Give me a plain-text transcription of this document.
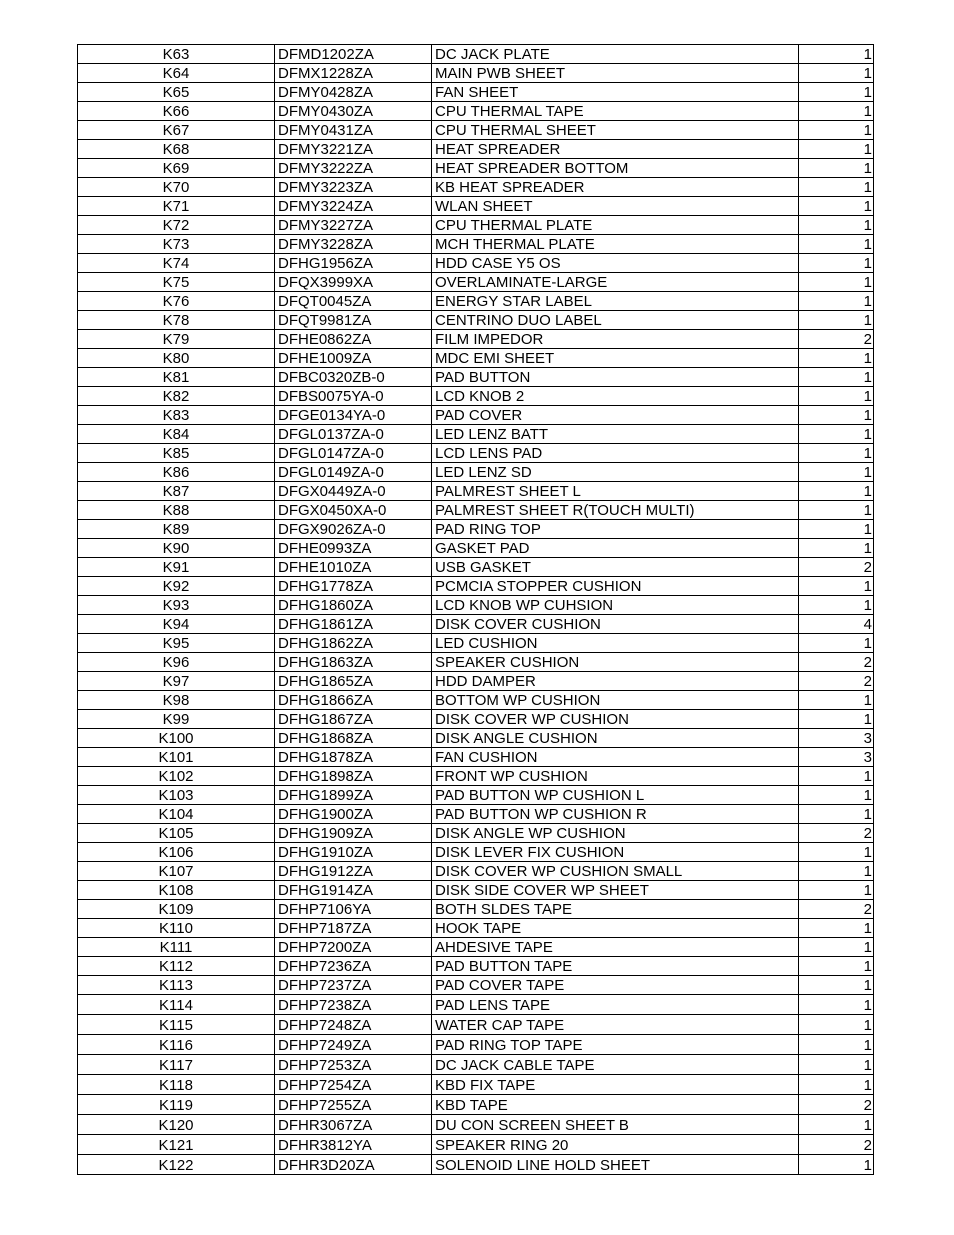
K63	DFMD1202ZA	DC JACK PLATE	1
K64	DFMX1228ZA	MAIN PWB SHEET	1
K65	DFMY0428ZA	FAN SHEET	1
K66	DFMY0430ZA	CPU THERMAL TAPE	1
K67	DFMY0431ZA	CPU THERMAL SHEET	1
K68	DFMY3221ZA	HEAT SPREADER	1
K69	DFMY3222ZA	HEAT SPREADER BOTTOM	1
K70	DFMY3223ZA	KB HEAT SPREADER	1
K71	DFMY3224ZA	WLAN SHEET	1
K72	DFMY3227ZA	CPU THERMAL PLATE	1
K73	DFMY3228ZA	MCH THERMAL PLATE	1
K74	DFHG1956ZA	HDD CASE Y5 OS	1
K75	DFQX3999XA	OVERLAMINATE-LARGE	1
K76	DFQT0045ZA	ENERGY STAR LABEL	1
K78	DFQT9981ZA	CENTRINO DUO LABEL	1
K79	DFHE0862ZA	FILM IMPEDOR	2
K80	DFHE1009ZA	MDC EMI SHEET	1
K81	DFBC0320ZB-0	PAD BUTTON	1
K82	DFBS0075YA-0	LCD KNOB 2	1
K83	DFGE0134YA-0	PAD COVER	1
K84	DFGL0137ZA-0	LED LENZ BATT	1
K85	DFGL0147ZA-0	LCD LENS PAD	1
K86	DFGL0149ZA-0	LED LENZ SD	1
K87	DFGX0449ZA-0	PALMREST SHEET L	1
K88	DFGX0450XA-0	PALMREST SHEET R(TOUCH MULTI)	1
K89	DFGX9026ZA-0	PAD RING TOP	1
K90	DFHE0993ZA	GASKET PAD	1
K91	DFHE1010ZA	USB GASKET	2
K92	DFHG1778ZA	PCMCIA STOPPER CUSHION	1
K93	DFHG1860ZA	LCD KNOB WP CUHSION	1
K94	DFHG1861ZA	DISK COVER CUSHION	4
K95	DFHG1862ZA	LED CUSHION	1
K96	DFHG1863ZA	SPEAKER CUSHION	2
K97	DFHG1865ZA	HDD DAMPER	2
K98	DFHG1866ZA	BOTTOM WP CUSHION	1
K99	DFHG1867ZA	DISK COVER WP CUSHION	1
K100	DFHG1868ZA	DISK ANGLE CUSHION	3
K101	DFHG1878ZA	FAN CUSHION	3
K102	DFHG1898ZA	FRONT WP CUSHION	1
K103	DFHG1899ZA	PAD BUTTON WP CUSHION L	1
K104	DFHG1900ZA	PAD BUTTON WP CUSHION R	1
K105	DFHG1909ZA	DISK ANGLE WP CUSHION	2
K106	DFHG1910ZA	DISK LEVER FIX CUSHION	1
K107	DFHG1912ZA	DISK COVER WP CUSHION SMALL	1
K108	DFHG1914ZA	DISK SIDE COVER WP SHEET	1
K109	DFHP7106YA	BOTH SLDES TAPE	2
K110	DFHP7187ZA	HOOK TAPE	1
K111	DFHP7200ZA	AHDESIVE TAPE	1
K112	DFHP7236ZA	PAD BUTTON TAPE	1
K113	DFHP7237ZA	PAD COVER TAPE	1
K114	DFHP7238ZA	PAD LENS TAPE	1
K115	DFHP7248ZA	WATER CAP TAPE	1
K116	DFHP7249ZA	PAD RING TOP TAPE	1
K117	DFHP7253ZA	DC JACK CABLE TAPE	1
K118	DFHP7254ZA	KBD FIX TAPE	1
K119	DFHP7255ZA	KBD TAPE	2
K120	DFHR3067ZA	DU CON SCREEN SHEET B	1
K121	DFHR3812YA	SPEAKER RING 20	2
K122	DFHR3D20ZA	SOLENOID LINE HOLD SHEET	1
